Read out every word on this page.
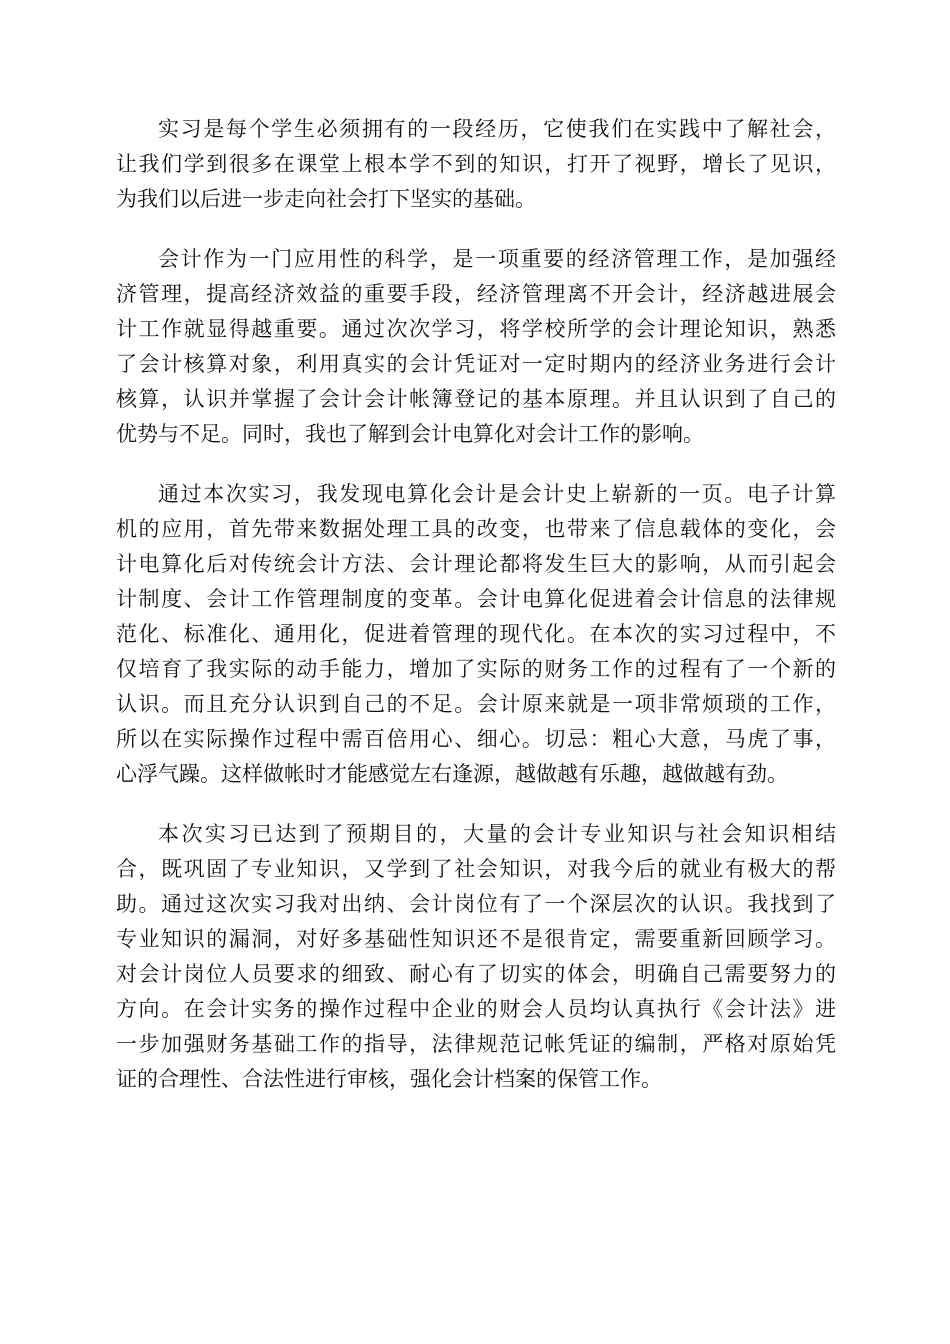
实习是每个学生必须拥有的一段经历，它使我们在实践中了解社会，
让我们学到很多在课堂上根本学不到的知识，打开了视野，增长了见识，
为我们以后进一步走向社会打下坚实的基础。
会计作为一门应用性的科学，是一项重要的经济管理工作，是加强经
济管理，提高经济效益的重要手段，经济管理离不开会计，经济越进展会
计工作就显得越重要。通过次次学习，将学校所学的会计理论知识，熟悉
了会计核算对象，利用真实的会计凭证对一定时期内的经济业务进行会计
核算，认识并掌握了会计会计帐簿登记的基本原理。并且认识到了自己的
优势与不足。同时，我也了解到会计电算化对会计工作的影响。
通过本次实习，我发现电算化会计是会计史上崭新的一页。电子计算
机的应用，首先带来数据处理工具的改变，也带来了信息载体的变化，会
计电算化后对传统会计方法、会计理论都将发生巨大的影响，从而引起会
计制度、会计工作管理制度的变革。会计电算化促进着会计信息的法律规
范化、标准化、通用化，促进着管理的现代化。在本次的实习过程中，不
仅培育了我实际的动手能力，增加了实际的财务工作的过程有了一个新的
认识。而且充分认识到自己的不足。会计原来就是一项非常烦琐的工作，
所以在实际操作过程中需百倍用心、细心。切忌：粗心大意，马虎了事，
心浮气躁。这样做帐时才能感觉左右逢源，越做越有乐趣，越做越有劲。
本次实习已达到了预期目的，大量的会计专业知识与社会知识相结
合，既巩固了专业知识，又学到了社会知识，对我今后的就业有极大的帮
助。通过这次实习我对出纳、会计岗位有了一个深层次的认识。我找到了
专业知识的漏洞，对好多基础性知识还不是很肯定，需要重新回顾学习。
对会计岗位人员要求的细致、耐心有了切实的体会，明确自己需要努力的
方向。在会计实务的操作过程中企业的财会人员均认真执行《会计法》进
一步加强财务基础工作的指导，法律规范记帐凭证的编制，严格对原始凭
证的合理性、合法性进行审核，强化会计档案的保管工作。
